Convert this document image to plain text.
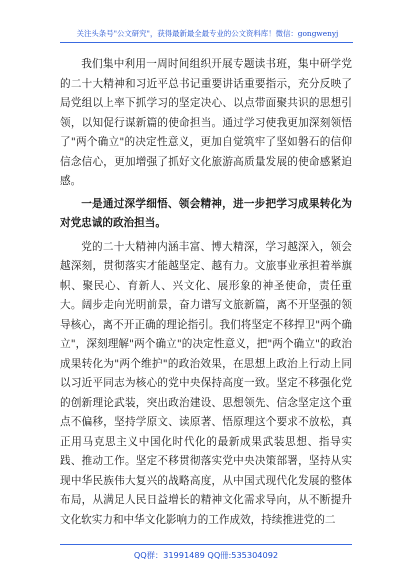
关注头条号"公文研究"，获得最新最全最专业的公文资料库！微信：gongwenyj

我们集中利用一周时间组织开展专题读书班，集中研学党的二十大精神和习近平总书记重要讲话重要指示，充分反映了局党组以上率下抓学习的坚定决心、以点带面聚共识的思想引领，以知促行谋新篇的使命担当。通过学习使我更加深刻领悟了"两个确立"的决定性意义，更加自觉筑牢了坚如磐石的信仰信念信心，更加增强了抓好文化旅游高质量发展的使命感紧迫感。

一是通过深学细悟、领会精神，进一步把学习成果转化为对党忠诚的政治担当。

党的二十大精神内涵丰富、博大精深，学习越深入，领会越深刻，贯彻落实才能越坚定、越有力。文旅事业承担着举旗帜、聚民心、育新人、兴文化、展形象的神圣使命，责任重大。阔步走向光明前景，奋力谱写文旅新篇，离不开坚强的领导核心，离不开正确的理论指引。我们将坚定不移捍卫"两个确立"，深刻理解"两个确立"的决定性意义，把"两个确立"的政治成果转化为"两个维护"的政治效果，在思想上政治上行动上同以习近平同志为核心的党中央保持高度一致。坚定不移强化党的创新理论武装，突出政治建设、思想领先、信念坚定这个重点不偏移，坚持学原文、读原著、悟原理这个要求不放松，真正用马克思主义中国化时代化的最新成果武装思想、指导实践、推动工作。坚定不移贯彻落实党中央决策部署，坚持从实现中华民族伟大复兴的战略高度，从中国式现代化发展的整体布局，从满足人民日益增长的精神文化需求导向，从不断提升文化软实力和中华文化影响力的工作成效，持续推进党的二

QQ群：31991489 QQ冊:535304092
